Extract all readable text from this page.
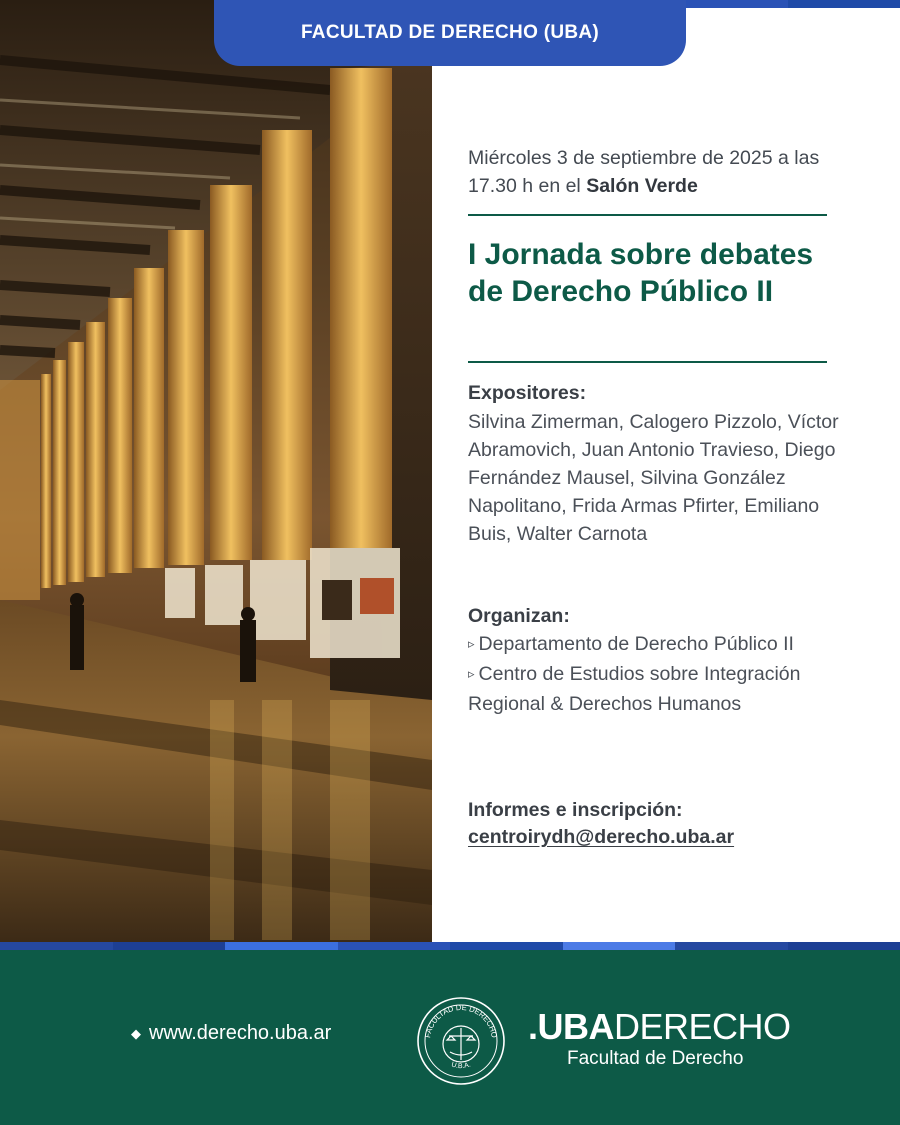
FACULTAD DE DERECHO (UBA)

Miércoles 3 de septiembre de 2025 a las 17.30 h en el Salón Verde

I Jornada sobre debates de Derecho Público II
Expositores:

Silvina Zimerman, Calogero Pizzolo, Víctor Abramovich, Juan Antonio Travieso, Diego Fernández Mausel, Silvina González Napolitano, Frida Armas Pfirter, Emiliano Buis, Walter Carnota

Organizan:
▹ Departamento de Derecho Público II
▹ Centro de Estudios sobre Integración Regional & Derechos Humanos
Informes e inscripción:
centroirydh@derecho.uba.ar
◆ www.derecho.uba.ar	FACULTAD DE DERECHO
U.B.A.
.UBADERECHO
Facultad de Derecho
